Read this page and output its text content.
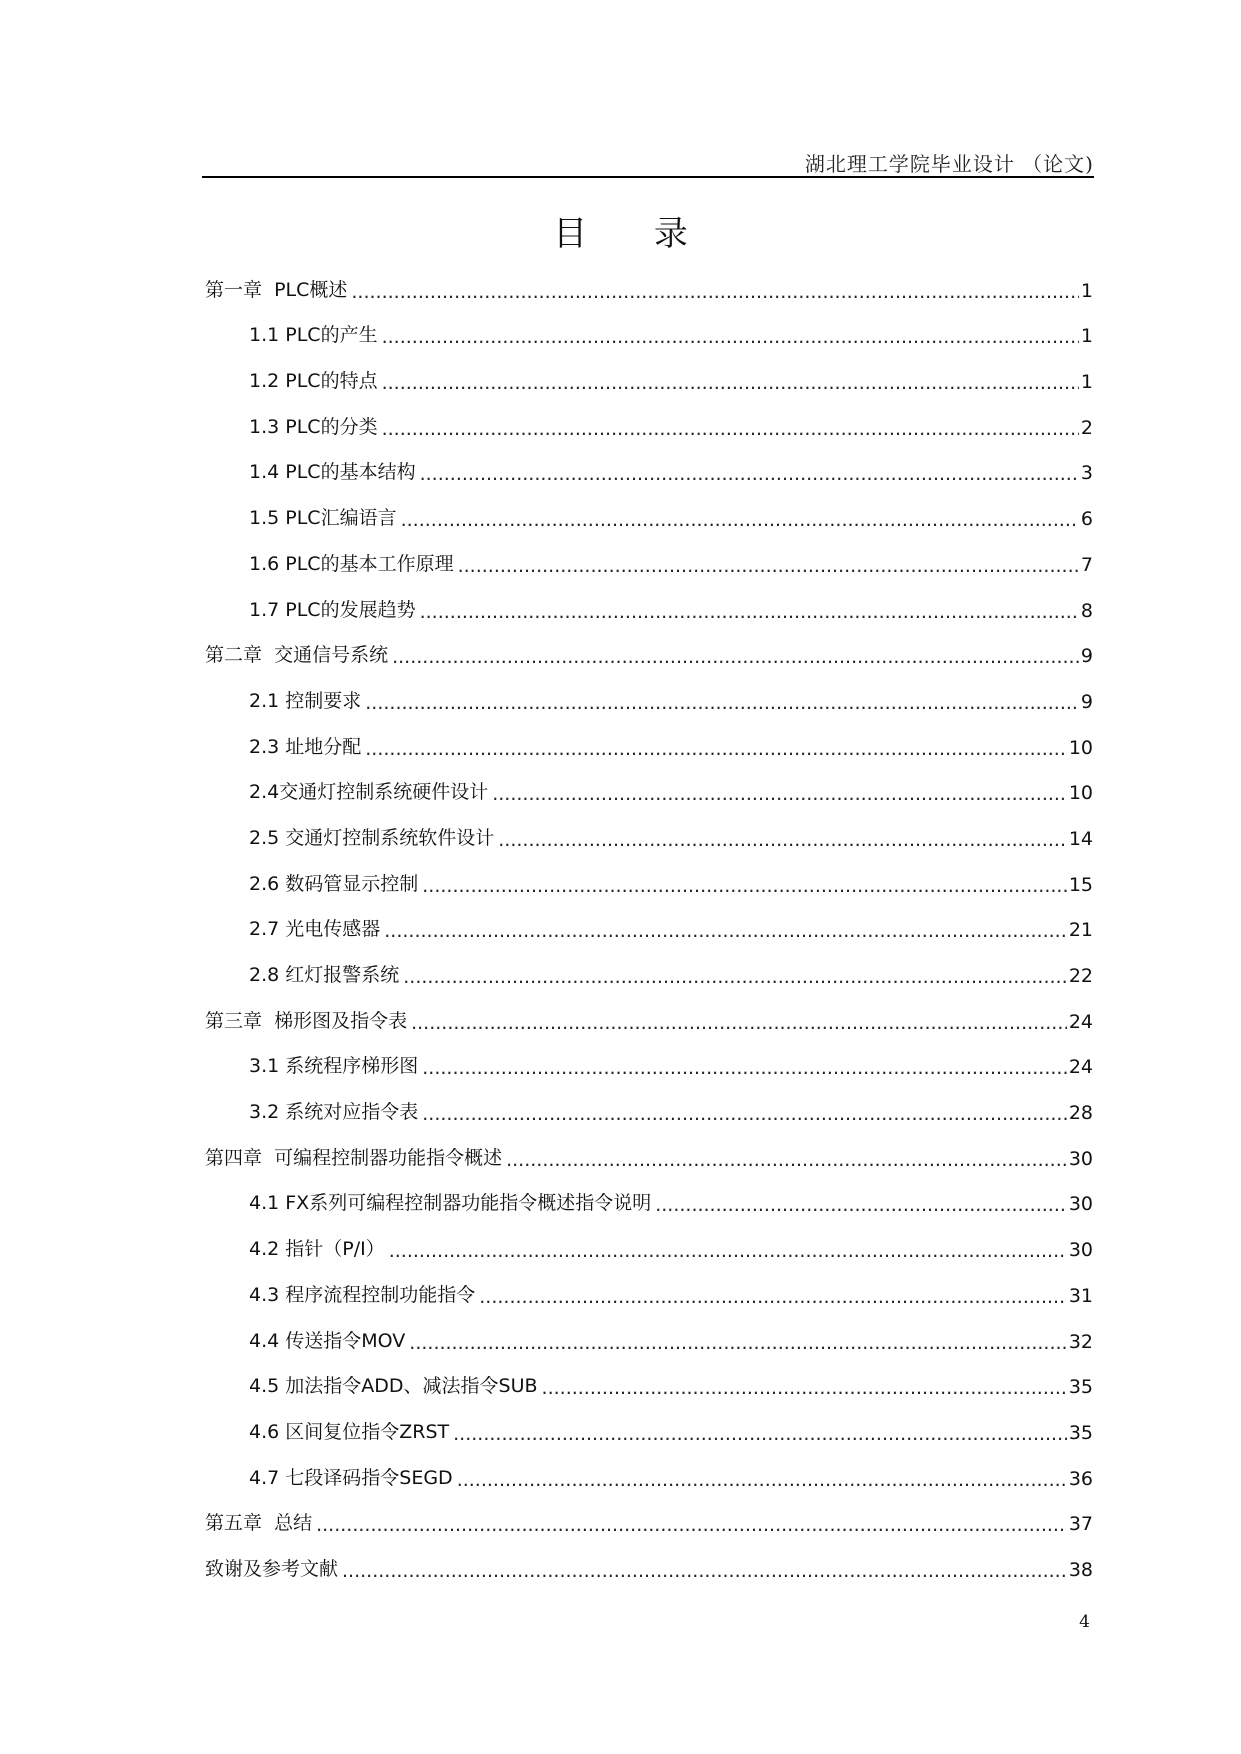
湖北理工学院毕业设计 （论文)
目 录
第一章  PLC概述 .....	1
1.1 PLC的产生 .....	1
1.2 PLC的特点 .....	1
1.3 PLC的分类 .....	2
1.4 PLC的基本结构 .....	3
1.5 PLC汇编语言 .....	6
1.6 PLC的基本工作原理 .....	7
1.7 PLC的发展趋势 .....	8
第二章  交通信号系统 .....	9
2.1 控制要求 .....	9
2.3 址地分配 .....	10
2.4交通灯控制系统硬件设计 .....	10
2.5 交通灯控制系统软件设计 .....	14
2.6 数码管显示控制 .....	15
2.7 光电传感器 .....	21
2.8 红灯报警系统 .....	22
第三章  梯形图及指令表 .....	24
3.1 系统程序梯形图 .....	24
3.2 系统对应指令表 .....	28
第四章  可编程控制器功能指令概述 .....	30
4.1 FX系列可编程控制器功能指令概述指令说明 .....	30
4.2 指针（P/I） .....	30
4.3 程序流程控制功能指令 .....	31
4.4 传送指令MOV .....	32
4.5 加法指令ADD、减法指令SUB .....	35
4.6 区间复位指令ZRST .....	35
4.7 七段译码指令SEGD .....	36
第五章  总结 .....	37
致谢及参考文献 .....	38
4
